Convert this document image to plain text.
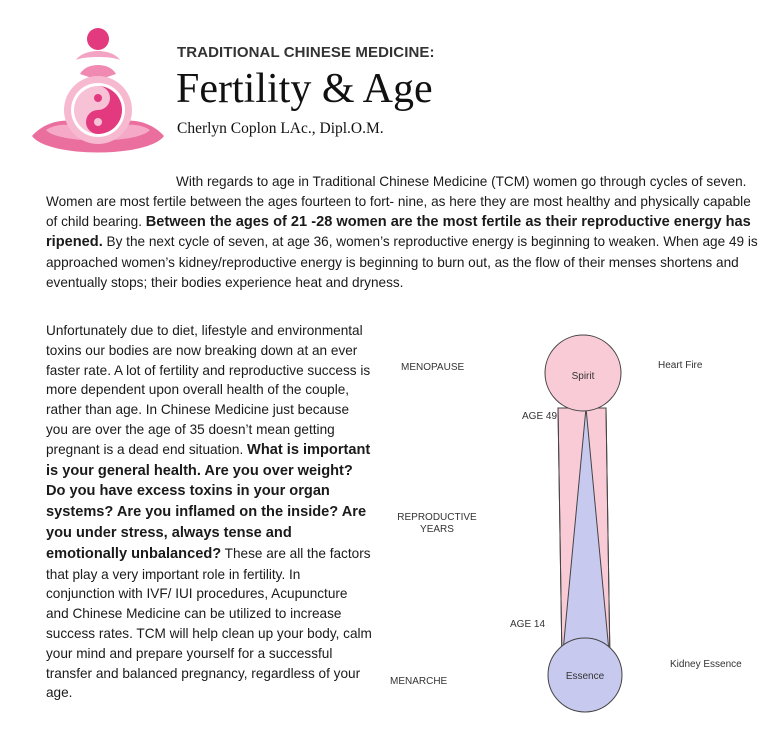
TRADITIONAL CHINESE MEDICINE:
Fertility & Age
Cherlyn Coplon LAc., Dipl.O.M.
With regards to age in Traditional Chinese Medicine (TCM) women go through cycles of seven. Women are most fertile between the ages fourteen to fort- nine, as here they are most healthy and physically capable of child bearing. Between the ages of 21 -28 women are the most fertile as their reproductive energy has ripened. By the next cycle of seven, at age 36, women’s reproductive energy is beginning to weaken. When age 49 is approached women’s kidney/reproductive energy is beginning to burn out, as the flow of their menses shortens and eventually stops; their bodies experience heat and dryness.
Unfortunately due to diet, lifestyle and environmental toxins our bodies are now breaking down at an ever faster rate. A lot of fertility and reproductive success is more dependent upon overall health of the couple, rather than age. In Chinese Medicine just because you are over the age of 35 doesn’t mean getting pregnant is a dead end situation. What is important is your general health. Are you over weight? Do you have excess toxins in your organ systems? Are you inflamed on the inside? Are you under stress, always tense and emotionally unbalanced? These are all the factors that play a very important role in fertility. In conjunction with IVF/ IUI procedures, Acupuncture and Chinese Medicine can be utilized to increase success rates. TCM will help clean up your body, calm your mind and prepare yourself for a successful transfer and balanced pregnancy, regardless of your age.
Spirit
Essence
MENOPAUSE
REPRODUCTIVE
YEARS
MENARCHE
AGE 49
AGE 14
Heart Fire
Kidney Essence
